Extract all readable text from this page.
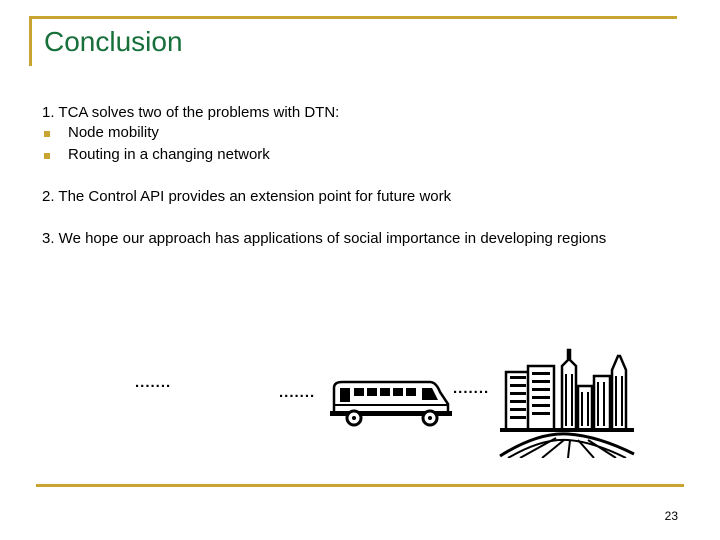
Conclusion
1. TCA solves two of the problems with DTN:
Node mobility
Routing in a changing network
2. The Control API provides an extension point for future work
3. We hope our approach has applications of social importance in developing regions
.......
.......	.......
23
